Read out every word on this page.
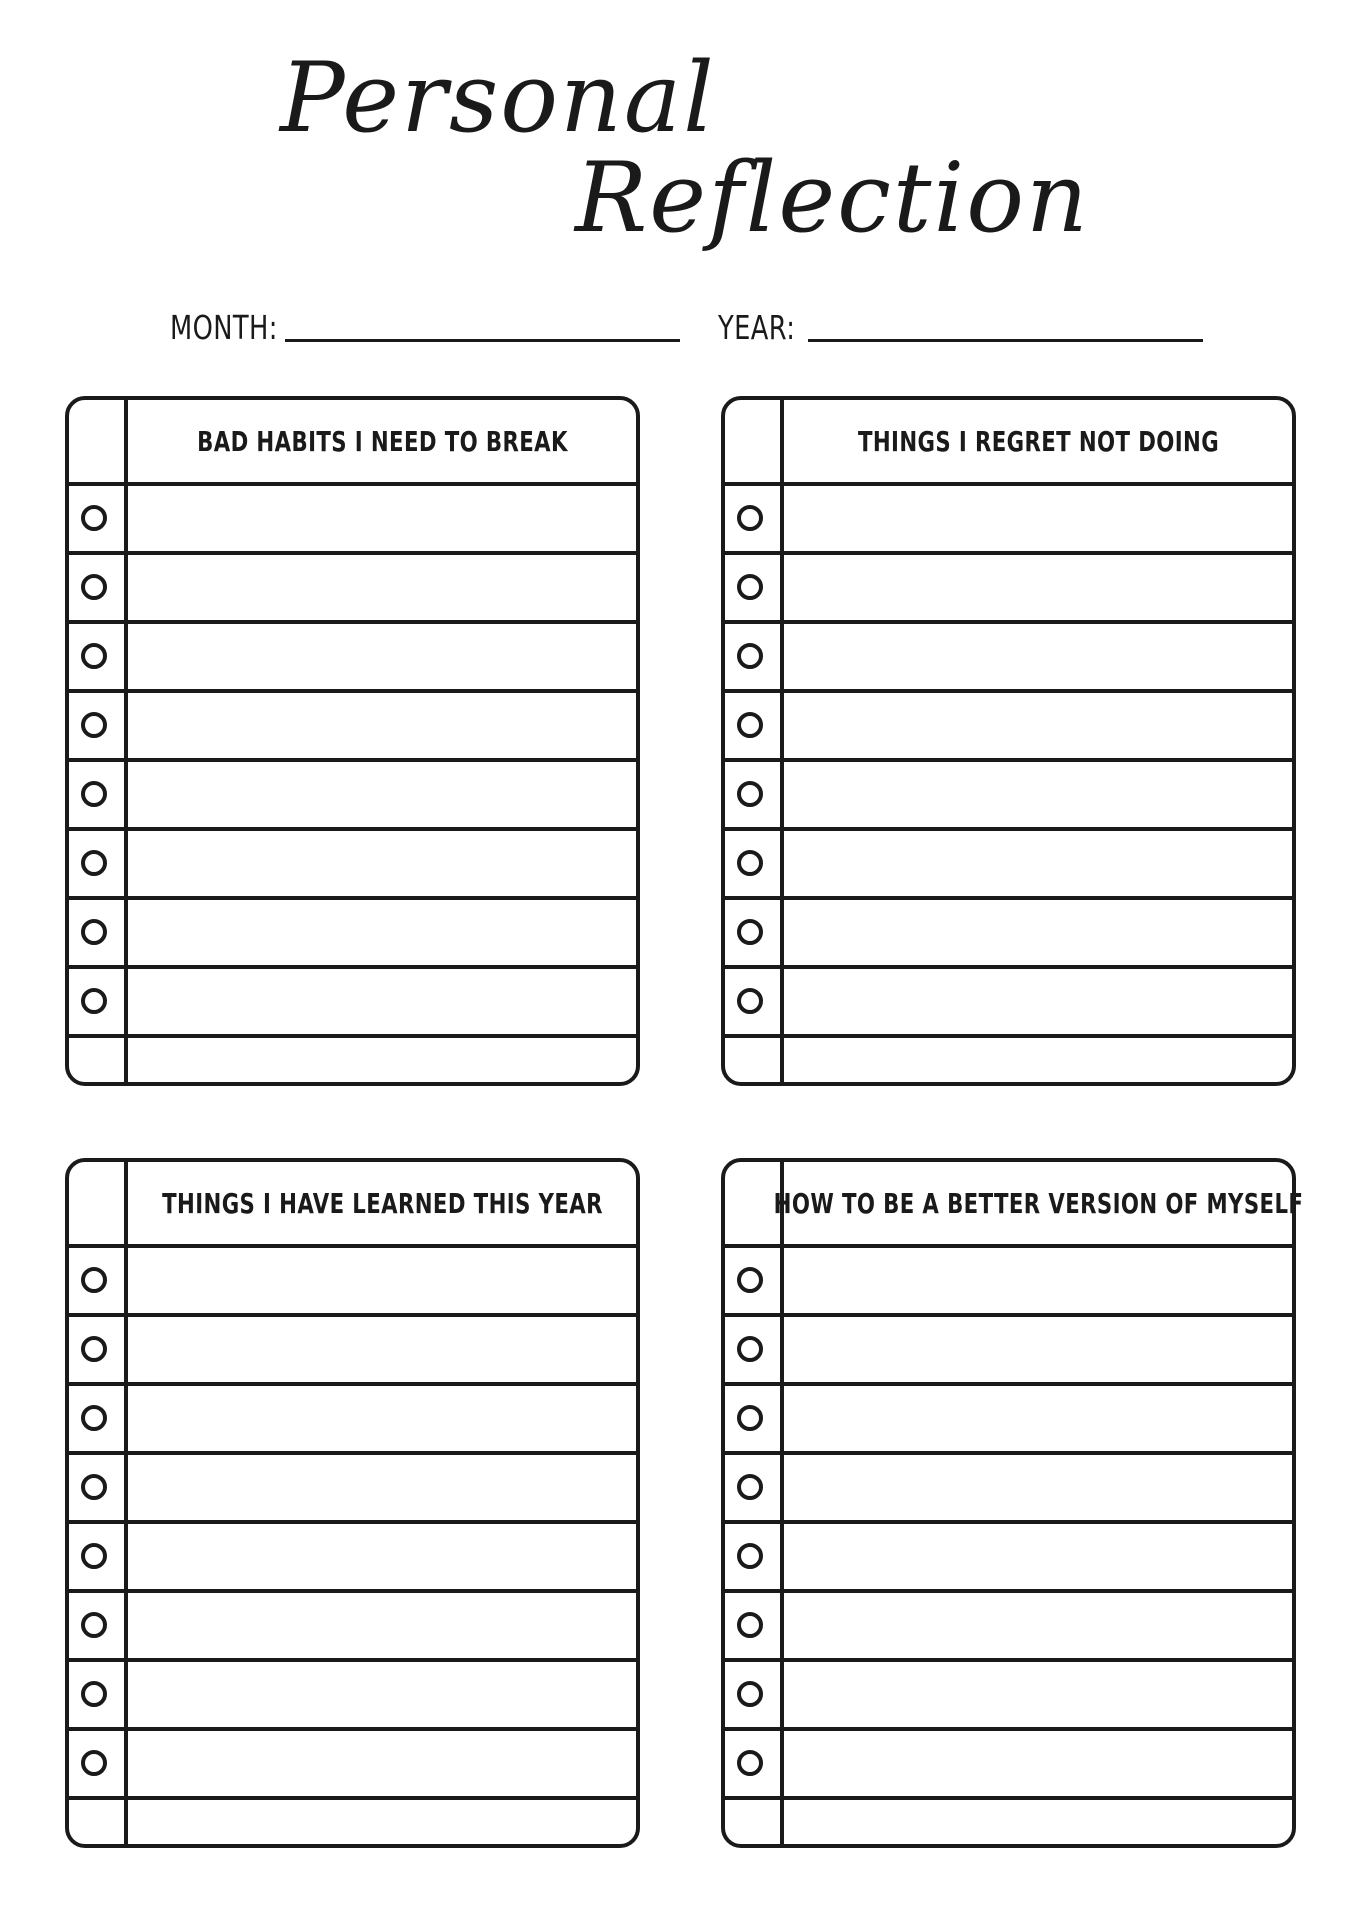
Personal
Reflection
MONTH:	YEAR:
BAD HABITS I NEED TO BREAK	THINGS I REGRET NOT DOING
THINGS I HAVE LEARNED THIS YEAR	HOW TO BE A BETTER VERSION OF MYSELF
